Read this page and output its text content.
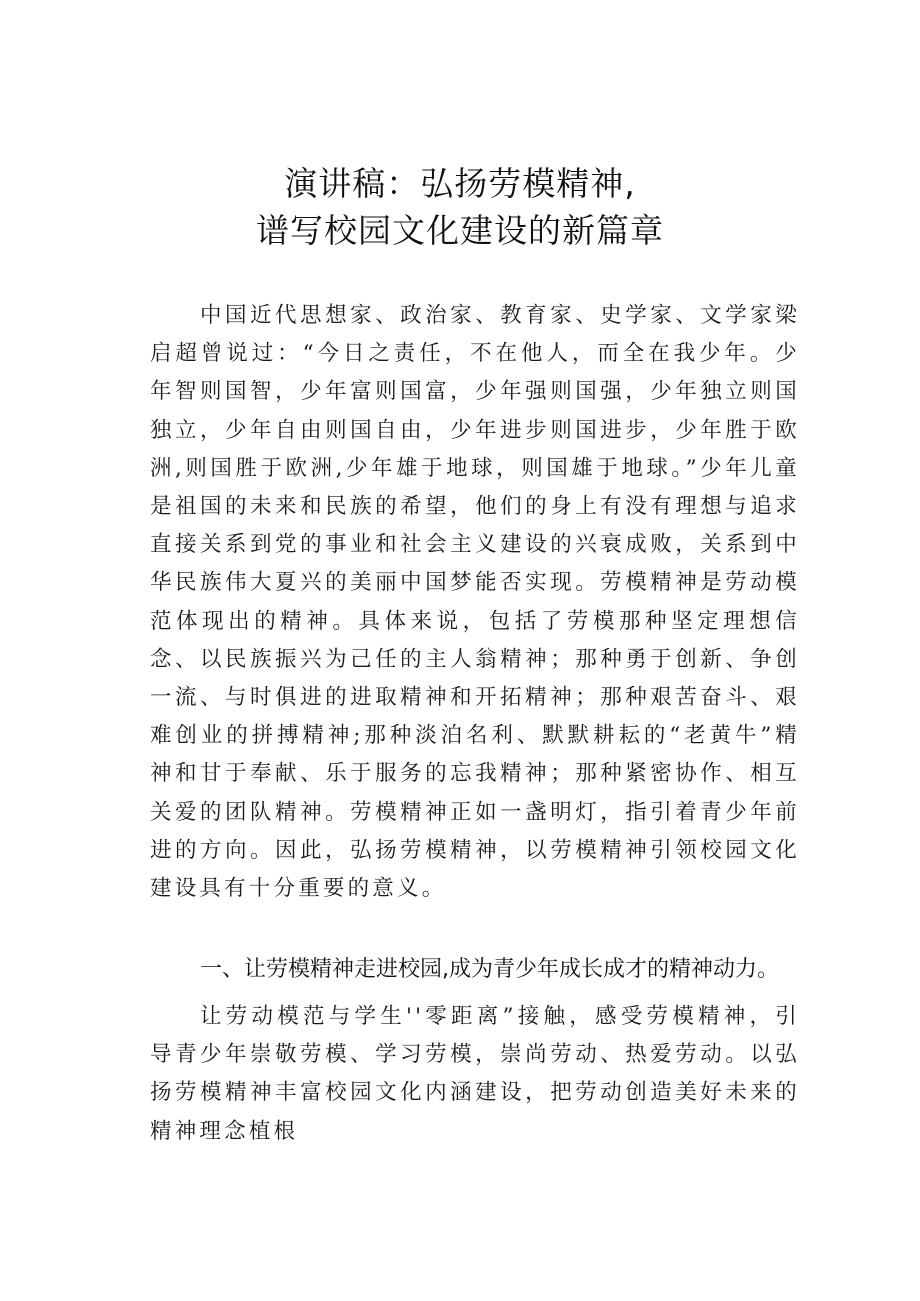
演讲稿：弘扬劳模精神,
谱写校园文化建设的新篇章

中国近代思想家、政治家、教育家、史学家、文学家梁启超曾说过：“今日之责任，不在他人，而全在我少年。少年智则国智，少年富则国富，少年强则国强，少年独立则国独立，少年自由则国自由，少年进步则国进步，少年胜于欧洲,则国胜于欧洲,少年雄于地球，则国雄于地球。”少年儿童是祖国的未来和民族的希望，他们的身上有没有理想与追求直接关系到党的事业和社会主义建设的兴衰成败，关系到中华民族伟大夏兴的美丽中国梦能否实现。劳模精神是劳动模范体现出的精神。具体来说，包括了劳模那种坚定理想信念、以民族振兴为己任的主人翁精神；那种勇于创新、争创一流、与时俱进的进取精神和开拓精神；那种艰苦奋斗、艰难创业的拼搏精神;那种淡泊名利、默默耕耘的“老黄牛”精神和甘于奉献、乐于服务的忘我精神；那种紧密协作、相互关爱的团队精神。劳模精神正如一盏明灯，指引着青少年前进的方向。因此，弘扬劳模精神，以劳模精神引领校园文化建设具有十分重要的意义。

一、让劳模精神走进校园,成为青少年成长成才的精神动力。

让劳动模范与学生''零距离”接触，感受劳模精神，引导青少年崇敬劳模、学习劳模，崇尚劳动、热爱劳动。以弘扬劳模精神丰富校园文化内涵建设，把劳动创造美好未来的精神理念植根
